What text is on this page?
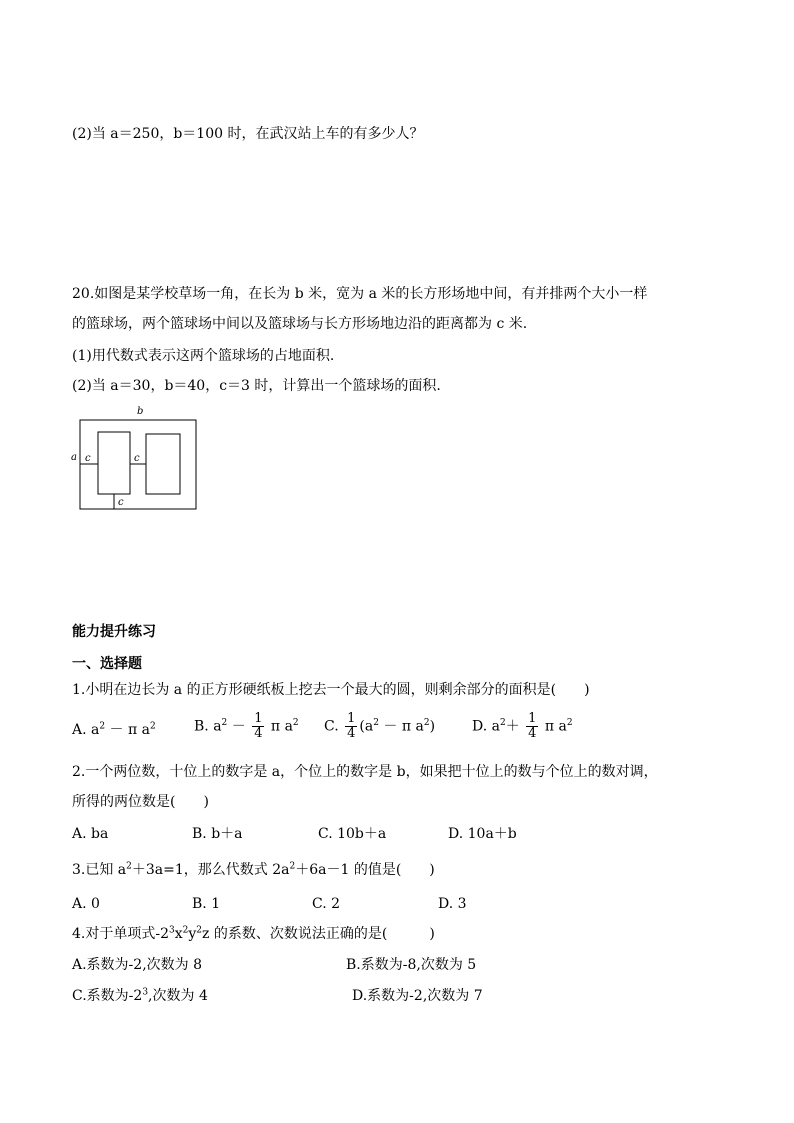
(2)当 a＝250，b＝100 时，在武汉站上车的有多少人？
20.如图是某学校草场一角，在长为 b 米，宽为 a 米的长方形场地中间，有并排两个大小一样
的篮球场，两个篮球场中间以及篮球场与长方形场地边沿的距离都为 c 米.
(1)用代数式表示这两个篮球场的占地面积.
(2)当 a＝30，b＝40，c＝3 时，计算出一个篮球场的面积.
b
a c	c
c
能力提升练习
一、选择题
1.小明在边长为 a 的正方形硬纸板上挖去一个最大的圆，则剩余部分的面积是(　　)
A. $a^2 - \pi$ $a^2$	B. $a^2 - \frac{1}{4}$ π $a^2$ C. $\frac{1}{4} (a^2 - \pi$ $a^2$)	D. $a^2+ \frac{1}{4}$ π $a^2$
2.一个两位数，十位上的数字是 a，个位上的数字是 b，如果把十位上的数与个位上的数对调，
所得的两位数是(　　)
A. ba	B. b＋a	C. 10b＋a	D. 10a＋b
3.已知 $a^2+3a=1$，那么代数式 $2a^2+6a-1$ 的值是(　　)
A. 0	B. 1	C. 2	D. 3
4.对于单项式$-2^3x^2y^2z$ 的系数、次数说法正确的是(　　　)
A.系数为-2,次数为 8	B.系数为-8,次数为 5
C.系数为$-2^3$,次数为 4	D.系数为-2,次数为 7
